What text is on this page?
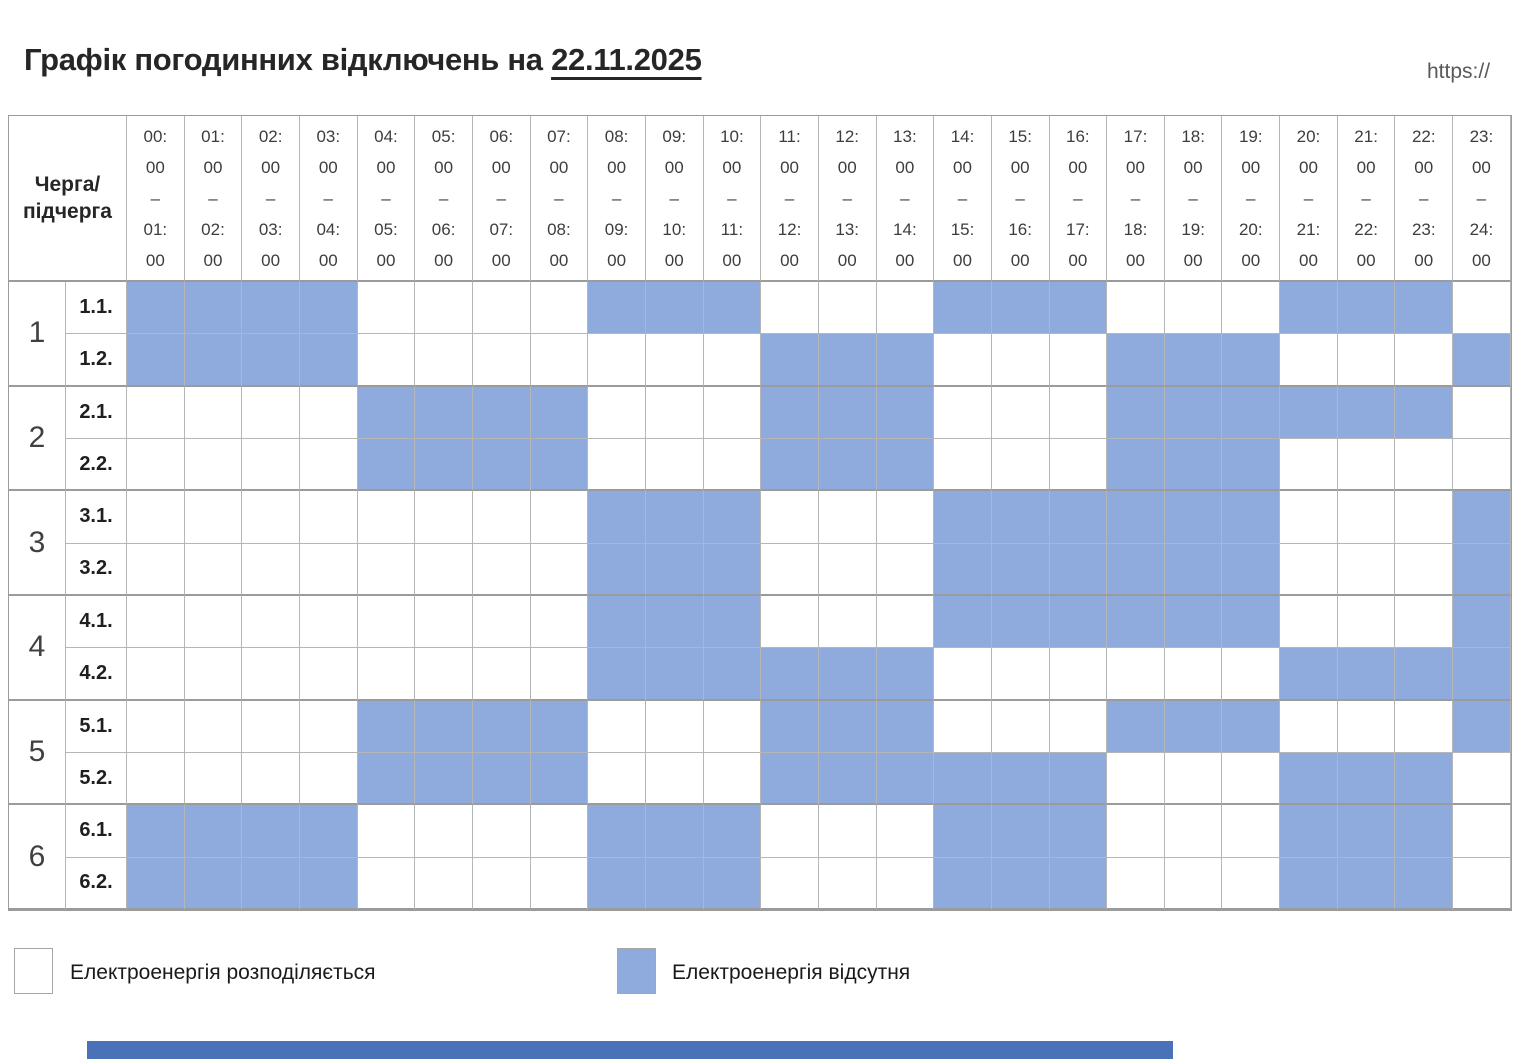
Графік погодинних відключень на 22.11.2025	https://
Черга/
підчерга
00:
00
–
01:
00
01:
00
–
02:
00
02:
00
–
03:
00
03:
00
–
04:
00
04:
00
–
05:
00
05:
00
–
06:
00
06:
00
–
07:
00
07:
00
–
08:
00
08:
00
–
09:
00
09:
00
–
10:
00
10:
00
–
11:
00
11:
00
–
12:
00
12:
00
–
13:
00
13:
00
–
14:
00
14:
00
–
15:
00
15:
00
–
16:
00
16:
00
–
17:
00
17:
00
–
18:
00
18:
00
–
19:
00
19:
00
–
20:
00
20:
00
–
21:
00
21:
00
–
22:
00
22:
00
–
23:
00
23:
00
–
24:
00
1
1.1.
1.2.
2
2.1.
2.2.
3
3.1.
3.2.
4
4.1.
4.2.
5
5.1.
5.2.
6
6.1.
6.2.
Електроенергія розподіляється	Електроенергія відсутня
